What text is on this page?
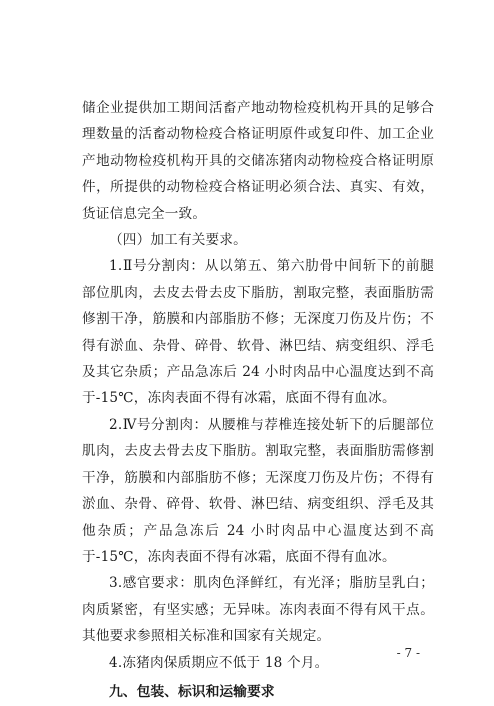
储企业提供加工期间活畜产地动物检疫机构开具的足够合理数量的活畜动物检疫合格证明原件或复印件、加工企业产地动物检疫机构开具的交储冻猪肉动物检疫合格证明原件，所提供的动物检疫合格证明必须合法、真实、有效，货证信息完全一致。

（四）加工有关要求。

1.Ⅱ号分割肉：从以第五、第六肋骨中间斩下的前腿部位肌肉，去皮去骨去皮下脂肪，割取完整，表面脂肪需修割干净，筋膜和内部脂肪不修；无深度刀伤及片伤；不得有淤血、杂骨、碎骨、软骨、淋巴结、病变组织、浮毛及其它杂质；产品急冻后 24 小时肉品中心温度达到不高于-15℃，冻肉表面不得有冰霜，底面不得有血冰。

2.Ⅳ号分割肉：从腰椎与荐椎连接处斩下的后腿部位肌肉，去皮去骨去皮下脂肪。割取完整，表面脂肪需修割干净，筋膜和内部脂肪不修；无深度刀伤及片伤；不得有淤血、杂骨、碎骨、软骨、淋巴结、病变组织、浮毛及其他杂质；产品急冻后 24 小时肉品中心温度达到不高于-15℃，冻肉表面不得有冰霜，底面不得有血冰。

3.感官要求：肌肉色泽鲜红，有光泽；脂肪呈乳白；肉质紧密，有坚实感；无异味。冻肉表面不得有风干点。其他要求参照相关标准和国家有关规定。

4.冻猪肉保质期应不低于 18 个月。

九、包装、标识和运输要求

- 7 -
